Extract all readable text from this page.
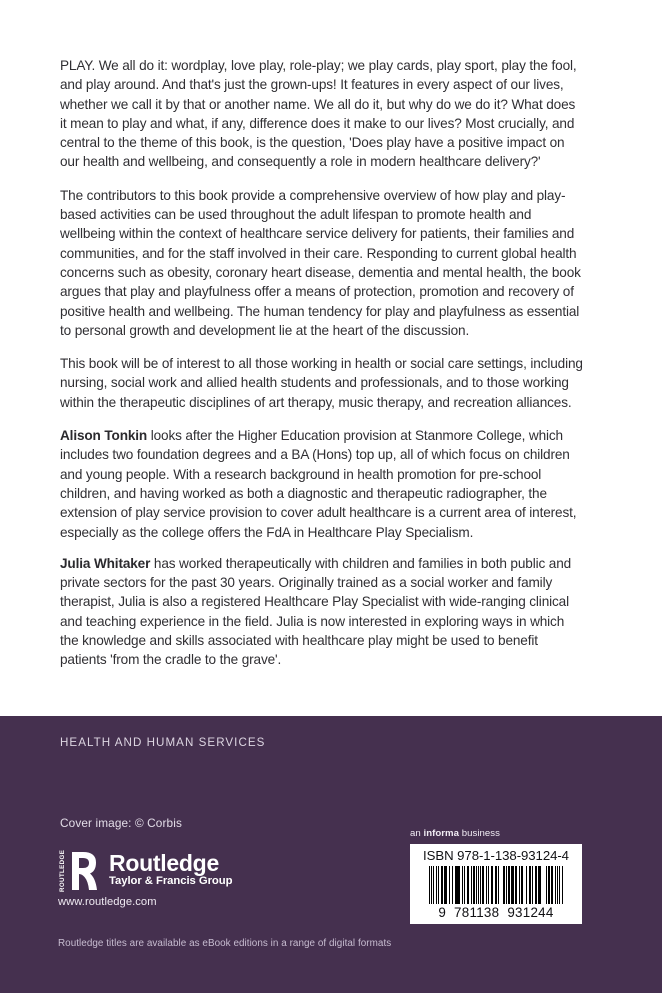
PLAY. We all do it: wordplay, love play, role-play; we play cards, play sport, play the fool, and play around. And that's just the grown-ups! It features in every aspect of our lives, whether we call it by that or another name. We all do it, but why do we do it? What does it mean to play and what, if any, difference does it make to our lives? Most crucially, and central to the theme of this book, is the question, 'Does play have a positive impact on our health and wellbeing, and consequently a role in modern healthcare delivery?'

The contributors to this book provide a comprehensive overview of how play and play-based activities can be used throughout the adult lifespan to promote health and wellbeing within the context of healthcare service delivery for patients, their families and communities, and for the staff involved in their care. Responding to current global health concerns such as obesity, coronary heart disease, dementia and mental health, the book argues that play and playfulness offer a means of protection, promotion and recovery of positive health and wellbeing. The human tendency for play and playfulness as essential to personal growth and development lie at the heart of the discussion.

This book will be of interest to all those working in health or social care settings, including nursing, social work and allied health students and professionals, and to those working within the therapeutic disciplines of art therapy, music therapy, and recreation alliances.

Alison Tonkin looks after the Higher Education provision at Stanmore College, which includes two foundation degrees and a BA (Hons) top up, all of which focus on children and young people. With a research background in health promotion for pre-school children, and having worked as both a diagnostic and therapeutic radiographer, the extension of play service provision to cover adult healthcare is a current area of interest, especially as the college offers the FdA in Healthcare Play Specialism.

Julia Whitaker has worked therapeutically with children and families in both public and private sectors for the past 30 years. Originally trained as a social worker and family therapist, Julia is also a registered Healthcare Play Specialist with wide-ranging clinical and teaching experience in the field. Julia is now interested in exploring ways in which the knowledge and skills associated with healthcare play might be used to benefit patients 'from the cradle to the grave'.

HEALTH AND HUMAN SERVICES
Cover image: © Corbis
ROUTLEDGE Routledge
Taylor & Francis Group
www.routledge.com
Routledge titles are available as eBook editions in a range of digital formats
an informa business
ISBN 978-1-138-93124-4
9  781138  931244
